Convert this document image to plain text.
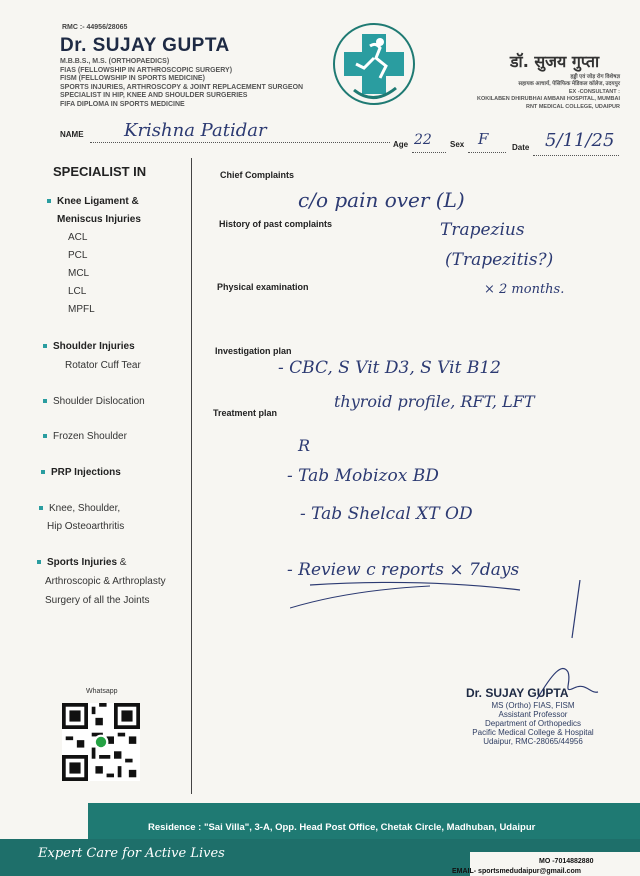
RMC :- 44956/28065
Dr. SUJAY GUPTA
M.B.B.S., M.S. (ORTHOPAEDICS)
FIAS (FELLOWSHIP IN ARTHROSCOPIC SURGERY)
FISM (FELLOWSHIP IN SPORTS MEDICINE)
SPORTS INJURIES, ARTHROSCOPY & JOINT REPLACEMENT SURGEON
SPECIALIST IN HIP, KNEE AND SHOULDER SURGERIES
FIFA DIPLOMA IN SPORTS MEDICINE
डॉ. सुजय गुप्ता
हड्डी एवं जोड़ रोग विशेषज्ञ
सहायक आचार्य, पेसिफिक मेडिकल कॉलेज, उदयपुर
EX -CONSULTANT :
KOKILABEN DHIRUBHAI AMBANI HOSPITAL, MUMBAI
RNT MEDICAL COLLEGE, UDAIPUR
NAME Krishna Patidar
Age 22 Sex F	Date 5/11/25
SPECIALIST IN
Knee Ligament &
Meniscus Injuries
ACL
PCL
MCL
LCL
MPFL
Shoulder Injuries
Rotator Cuff Tear
Shoulder Dislocation
Frozen Shoulder
PRP Injections
Knee, Shoulder,
Hip Osteoarthritis
Sports Injuries &
Arthroscopic & Arthroplasty
Surgery of all the Joints
Chief Complaints
History of past complaints
Physical examination
Investigation plan
Treatment plan
c/o pain over (L)
Trapezius
(Trapezitis?)
× 2 months.
- CBC, S Vit D3, S Vit B12
thyroid profile, RFT, LFT
R
- Tab Mobizox BD
- Tab Shelcal XT OD
- Review c reports × 7days
Dr. SUJAY GUPTA
MS (Ortho) FIAS, FISM
Assistant Professor
Department of Orthopedics
Pacific Medical College & Hospital
Udaipur, RMC-28065/44956
Whatsapp
Residence : "Sai Villa", 3-A, Opp. Head Post Office, Chetak Circle, Madhuban, Udaipur
Expert Care for Active Lives
MO -7014882880
EMAIL- sportsmedudaipur@gmail.com
